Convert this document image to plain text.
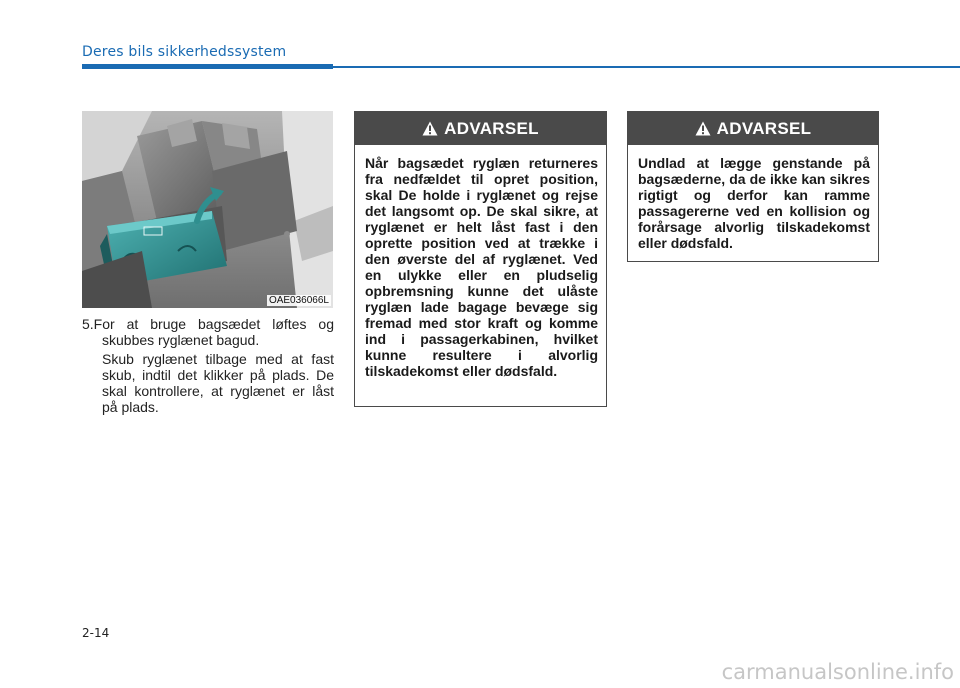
Deres bils sikkerhedssystem
OAE036066L

5.For at bruge bagsædet løftes og skubbes ryglænet bagud.

Skub ryglænet tilbage med at fast skub, indtil det klikker på plads. De skal kontrollere, at ryglænet er låst på plads.

ADVARSEL
Når bagsædet ryglæn returneres fra nedfældet til opret position, skal De holde i ryglænet og rejse det langsomt op. De skal sikre, at ryglænet er helt låst fast i den oprette position ved at trække i den øverste del af ryglænet. Ved en ulykke eller en pludselig opbremsning kunne det ulåste ryglæn lade bagage bevæge sig fremad med stor kraft og komme ind i passagerkabinen, hvilket kunne resultere i alvorlig tilskadekomst eller dødsfald.
ADVARSEL
Undlad at lægge genstande på bagsæderne, da de ikke kan sikres rigtigt og derfor kan ramme passagererne ved en kollision og forårsage alvorlig tilskadekomst eller dødsfald.
2-14
carmanualsonline.info
